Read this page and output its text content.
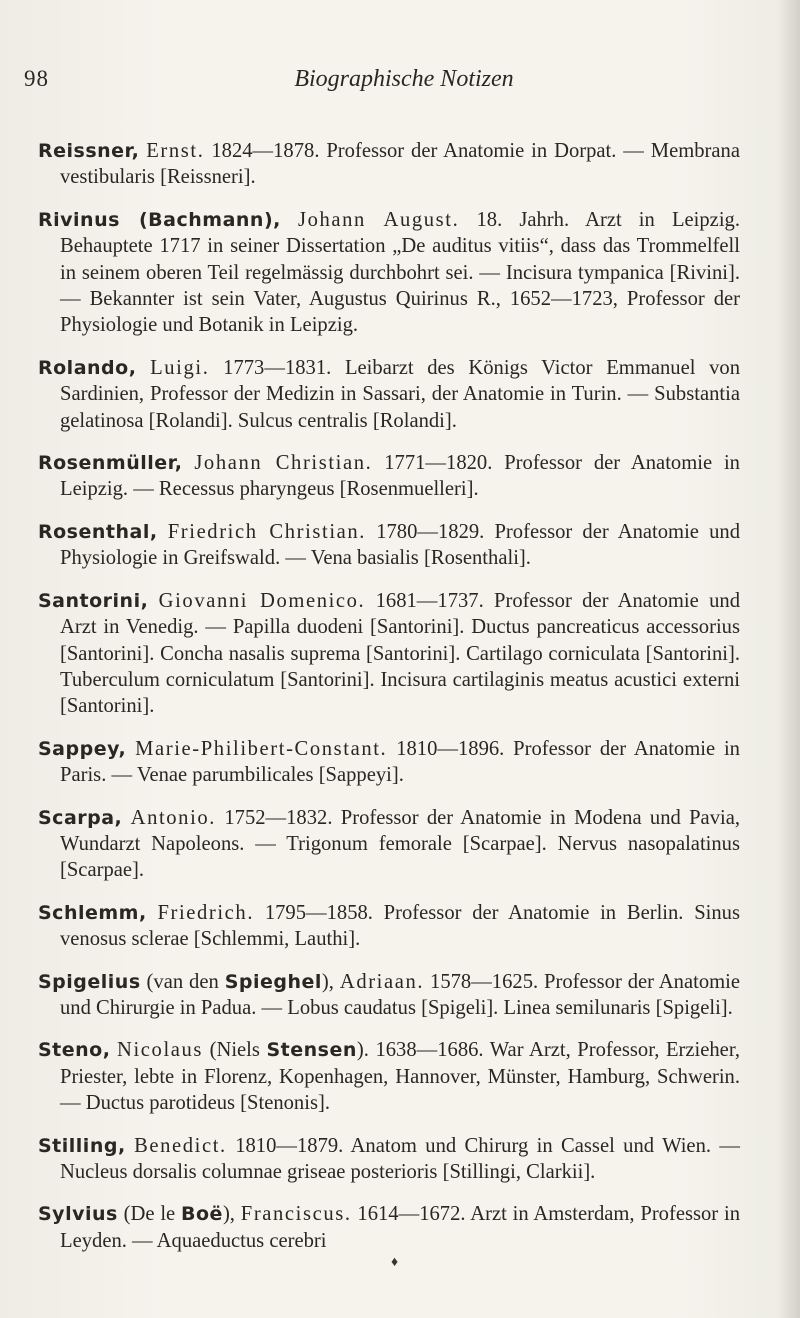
98	Biographische Notizen

Reissner, Ernst. 1824—1878. Professor der Anatomie in Dorpat. — Membrana vestibularis [Reissneri].

Rivinus (Bachmann), Johann August. 18. Jahrh. Arzt in Leipzig. Behauptete 1717 in seiner Dissertation „De auditus vitiis“, dass das Trommelfell in seinem oberen Teil regelmässig durchbohrt sei. — Incisura tympanica [Rivini]. — Bekannter ist sein Vater, Augustus Quirinus R., 1652—1723, Professor der Physiologie und Botanik in Leipzig.

Rolando, Luigi. 1773—1831. Leibarzt des Königs Victor Emmanuel von Sardinien, Professor der Medizin in Sassari, der Anatomie in Turin. — Substantia gelatinosa [Rolandi]. Sulcus centralis [Rolandi].

Rosenmüller, Johann Christian. 1771—1820. Professor der Anatomie in Leipzig. — Recessus pharyngeus [Rosenmuelleri].

Rosenthal, Friedrich Christian. 1780—1829. Professor der Anatomie und Physiologie in Greifswald. — Vena basialis [Rosenthali].

Santorini, Giovanni Domenico. 1681—1737. Professor der Anatomie und Arzt in Venedig. — Papilla duodeni [Santorini]. Ductus pancreaticus accessorius [Santorini]. Concha nasalis suprema [Santorini]. Cartilago corniculata [Santorini]. Tuberculum corniculatum [Santorini]. Incisura cartilaginis meatus acustici externi [Santorini].

Sappey, Marie-Philibert-Constant. 1810—1896. Professor der Anatomie in Paris. — Venae parumbilicales [Sappeyi].

Scarpa, Antonio. 1752—1832. Professor der Anatomie in Modena und Pavia, Wundarzt Napoleons. — Trigonum femorale [Scarpae]. Nervus nasopalatinus [Scarpae].

Schlemm, Friedrich. 1795—1858. Professor der Anatomie in Berlin. Sinus venosus sclerae [Schlemmi, Lauthi].

Spigelius (van den Spieghel), Adriaan. 1578—1625. Professor der Anatomie und Chirurgie in Padua. — Lobus caudatus [Spigeli]. Linea semilunaris [Spigeli].

Steno, Nicolaus (Niels Stensen). 1638—1686. War Arzt, Professor, Erzieher, Priester, lebte in Florenz, Kopenhagen, Hannover, Münster, Hamburg, Schwerin. — Ductus parotideus [Stenonis].

Stilling, Benedict. 1810—1879. Anatom und Chirurg in Cassel und Wien. — Nucleus dorsalis columnae griseae posterioris [Stillingi, Clarkii].

Sylvius (De le Boë), Franciscus. 1614—1672. Arzt in Amsterdam, Professor in Leyden. — Aquaeductus cerebri

♦
